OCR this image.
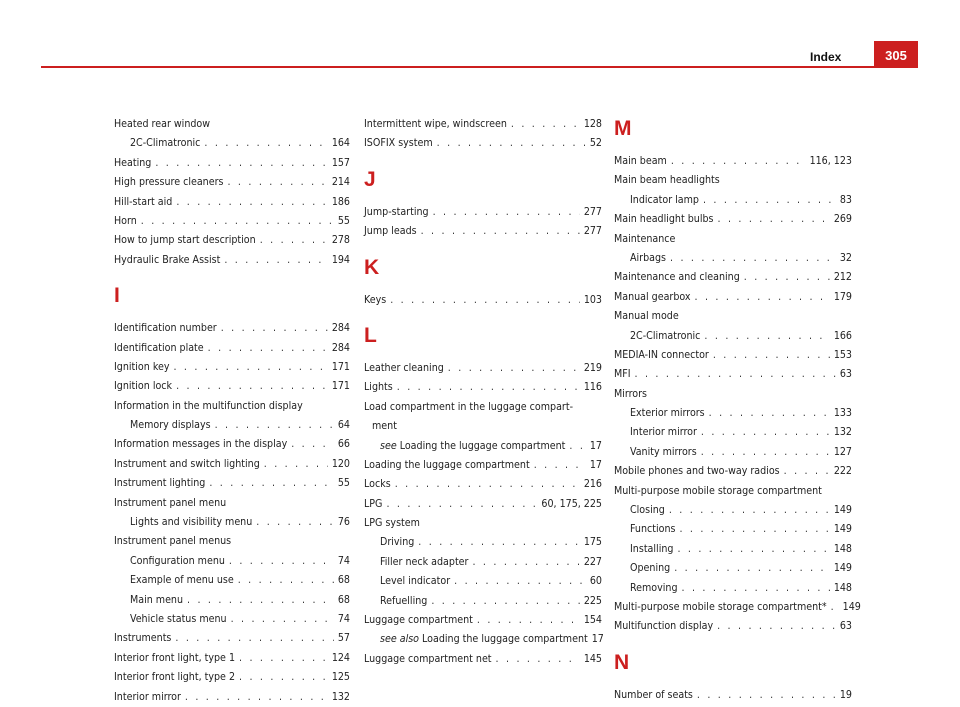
Index	305
Heated rear window
2C-Climatronic . . .	164
Heating . . .	157
High pressure cleaners . . .	214
Hill-start aid . . .	186
Horn . . .	55
How to jump start description . . .	278
Hydraulic Brake Assist . . .	194
I
Identification number . . .	284
Identification plate . . .	284
Ignition key . . .	171
Ignition lock . . .	171
Information in the multifunction display
Memory displays . . .	64
Information messages in the display . . .	66
Instrument and switch lighting . . .	120
Instrument lighting . . .	55
Instrument panel menu
Lights and visibility menu . . .	76
Instrument panel menus
Configuration menu . . .	74
Example of menu use . . .	68
Main menu . . .	68
Vehicle status menu . . .	74
Instruments . . .	57
Interior front light, type 1 . . .	124
Interior front light, type 2 . . .	125
Interior mirror . . .	132
Intermittent wipe, windscreen . . .	128
ISOFIX system . . .	52
J
Jump-starting . . .	277
Jump leads . . .	277
K
Keys . . .	103
L
Leather cleaning . . .	219
Lights . . .	116
Load compartment in the luggage compart-
ment
see Loading the luggage compartment . . . 17
Loading the luggage compartment . . .	17
Locks . . .	216
LPG . . .	60, 175, 225
LPG system
Driving . . .	175
Filler neck adapter . . .	227
Level indicator . . .	60
Refuelling . . .	225
Luggage compartment . . .	154
see also Loading the luggage compartment 17
Luggage compartment net . . .	145
M
Main beam . . .	116, 123
Main beam headlights
Indicator lamp . . .	83
Main headlight bulbs . . .	269
Maintenance
Airbags . . .	32
Maintenance and cleaning . . .	212
Manual gearbox . . .	179
Manual mode
2C-Climatronic . . .	166
MEDIA-IN connector . . .	153
MFI . . .	63
Mirrors
Exterior mirrors . . .	133
Interior mirror . . .	132
Vanity mirrors . . .	127
Mobile phones and two-way radios . . .	222
Multi-purpose mobile storage compartment
Closing . . .	149
Functions . . .	149
Installing . . .	148
Opening . . .	149
Removing . . .	148
Multi-purpose mobile storage compartment* . . . 149
Multifunction display . . .	63
N
Number of seats . . .	19
